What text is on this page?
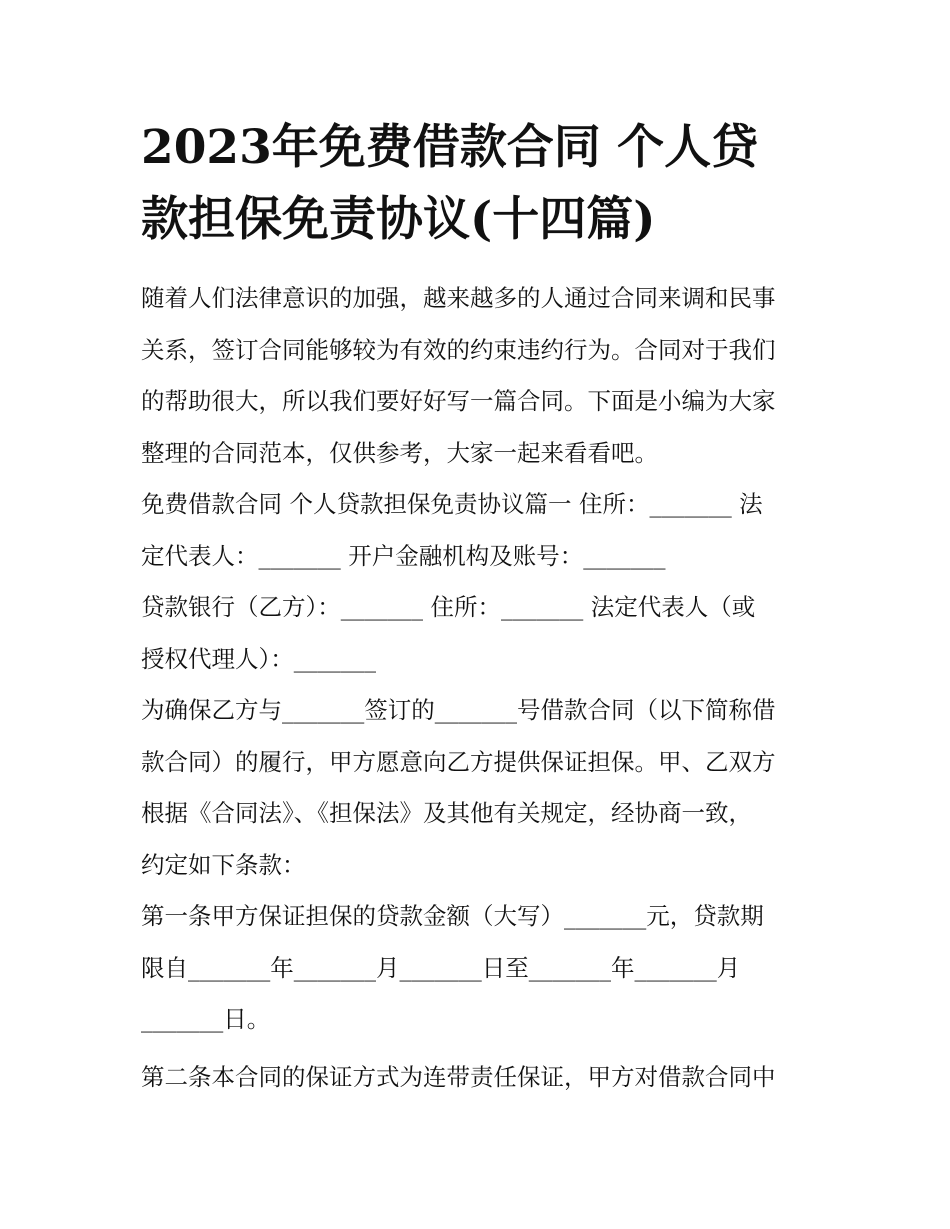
2023年免费借款合同 个人贷
款担保免责协议(十四篇)

随着人们法律意识的加强，越来越多的人通过合同来调和民事
关系，签订合同能够较为有效的约束违约行为。合同对于我们
的帮助很大，所以我们要好好写一篇合同。下面是小编为大家
整理的合同范本，仅供参考，大家一起来看看吧。

免费借款合同 个人贷款担保免责协议篇一 住所：_______ 法
定代表人：_______ 开户金融机构及账号：_______
贷款银行（乙方）：_______ 住所：_______ 法定代表人（或
授权代理人）：_______

为确保乙方与_______签订的_______号借款合同（以下简称借
款合同）的履行，甲方愿意向乙方提供保证担保。甲、乙双方
根据《合同法》、《担保法》及其他有关规定，经协商一致，
约定如下条款：

第一条甲方保证担保的贷款金额（大写）_______元，贷款期
限自_______年_______月_______日至_______年_______月
_______日。

第二条本合同的保证方式为连带责任保证，甲方对借款合同中
